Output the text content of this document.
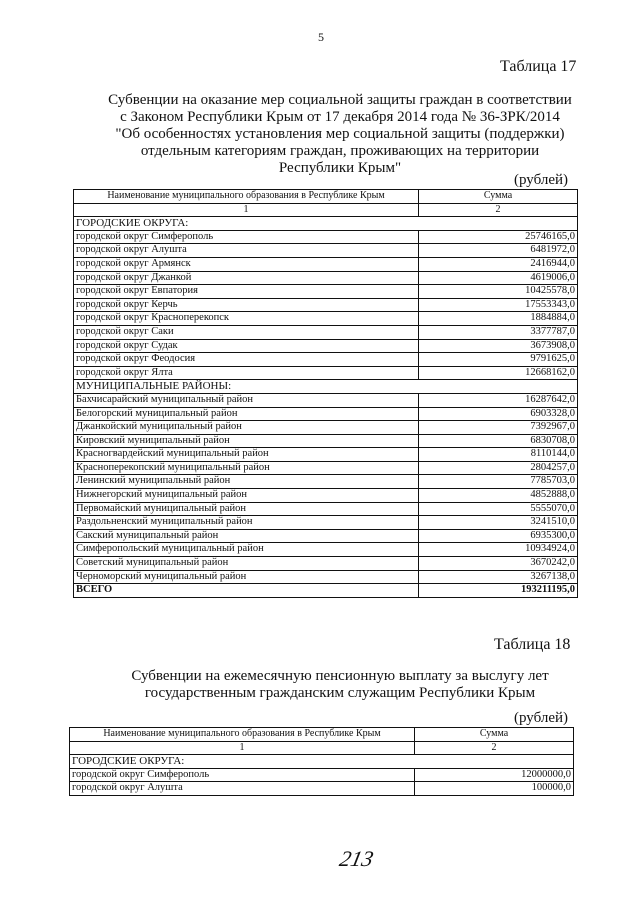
5
Таблица 17
Субвенции на оказание мер социальной защиты граждан в соответствии
с Законом Республики Крым от 17 декабря 2014 года № 36-ЗРК/2014
"Об особенностях установления мер социальной защиты (поддержки)
отдельным категориям граждан, проживающих на территории
Республики Крым"
(рублей)
Наименование муниципального образования в Республике Крым	Сумма
1	2
ГОРОДСКИЕ ОКРУГА:	
городской округ Симферополь	25746165,0
городской округ Алушта	6481972,0
городской округ Армянск	2416944,0
городской округ Джанкой	4619006,0
городской округ Евпатория	10425578,0
городской округ Керчь	17553343,0
городской округ Красноперекопск	1884884,0
городской округ Саки	3377787,0
городской округ Судак	3673908,0
городской округ Феодосия	9791625,0
городской округ Ялта	12668162,0
МУНИЦИПАЛЬНЫЕ РАЙОНЫ:	
Бахчисарайский муниципальный район	16287642,0
Белогорский муниципальный район	6903328,0
Джанкойский муниципальный район	7392967,0
Кировский муниципальный район	6830708,0
Красногвардейский муниципальный район	8110144,0
Красноперекопский муниципальный район	2804257,0
Ленинский муниципальный район	7785703,0
Нижнегорский муниципальный район	4852888,0
Первомайский муниципальный район	5555070,0
Раздольненский муниципальный район	3241510,0
Сакский муниципальный район	6935300,0
Симферопольский муниципальный район	10934924,0
Советский муниципальный район	3670242,0
Черноморский муниципальный район	3267138,0
ВСЕГО	193211195,0
Таблица 18
Субвенции на ежемесячную пенсионную выплату за выслугу лет
государственным гражданским служащим Республики Крым
(рублей)
Наименование муниципального образования в Республике Крым	Сумма
1	2
ГОРОДСКИЕ ОКРУГА:	
городской округ Симферополь	12000000,0
городской округ Алушта	100000,0
213
